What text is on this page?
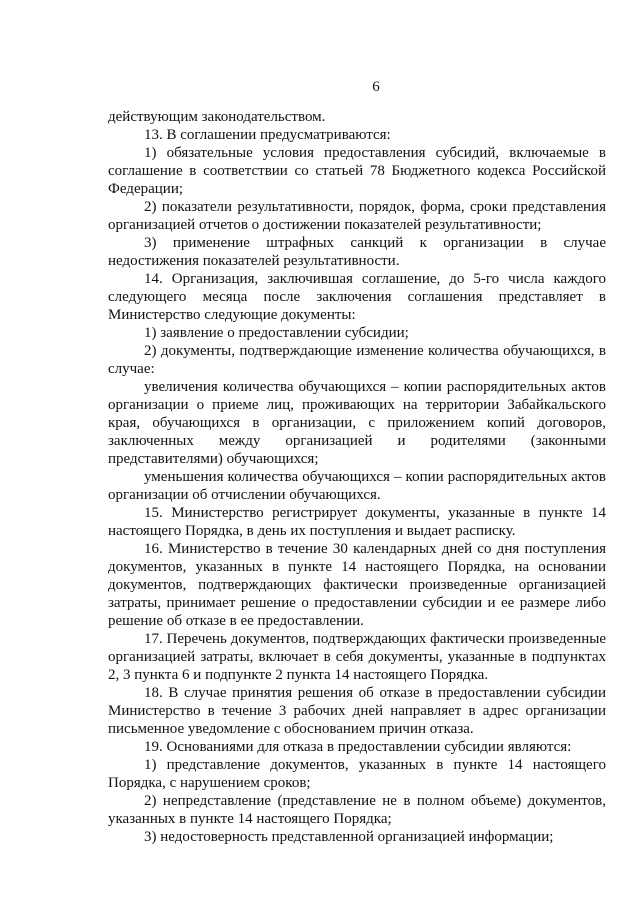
6

действующим законодательством.

13. В соглашении предусматриваются:

1) обязательные условия предоставления субсидий, включаемые в соглашение в соответствии со статьей 78 Бюджетного кодекса Российской Федерации;

2) показатели результативности, порядок, форма, сроки представления организацией отчетов о достижении показателей результативности;

3) применение штрафных санкций к организации в случае недостижения показателей результативности.

14. Организация, заключившая соглашение, до 5-го числа каждого следующего месяца после заключения соглашения представляет в Министерство следующие документы:

1) заявление о предоставлении субсидии;

2) документы, подтверждающие изменение количества обучающихся, в случае:

увеличения количества обучающихся – копии распорядительных актов организации о приеме лиц, проживающих на территории Забайкальского края, обучающихся в организации, с приложением копий договоров, заключенных между организацией и родителями (законными представителями) обучающихся;

уменьшения количества обучающихся – копии распорядительных актов организации об отчислении обучающихся.

15. Министерство регистрирует документы, указанные в пункте 14 настоящего Порядка, в день их поступления и выдает расписку.

16. Министерство в течение 30 календарных дней со дня поступления документов, указанных в пункте 14 настоящего Порядка, на основании документов, подтверждающих фактически произведенные организацией затраты, принимает решение о предоставлении субсидии и ее размере либо решение об отказе в ее предоставлении.

17. Перечень документов, подтверждающих фактически произведенные организацией затраты, включает в себя документы, указанные в подпунктах 2, 3 пункта 6 и подпункте 2 пункта 14 настоящего Порядка.

18. В случае принятия решения об отказе в предоставлении субсидии Министерство в течение 3 рабочих дней направляет в адрес организации письменное уведомление с обоснованием причин отказа.

19. Основаниями для отказа в предоставлении субсидии являются:

1) представление документов, указанных в пункте 14 настоящего Порядка, с нарушением сроков;

2) непредставление (представление не в полном объеме) документов, указанных в пункте 14 настоящего Порядка;

3) недостоверность представленной организацией информации;
